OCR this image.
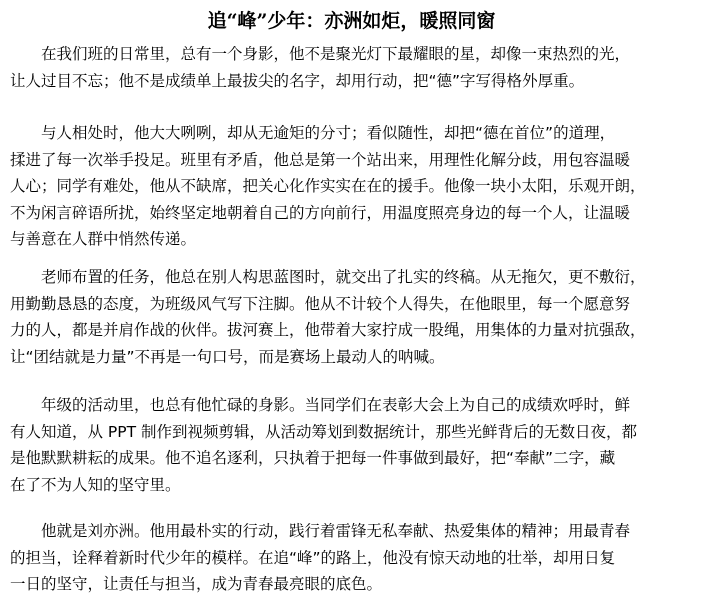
追“峰”少年：亦洲如炬，暖照同窗
在我们班的日常里，总有一个身影，他不是聚光灯下最耀眼的星，却像一束热烈的光，
让人过目不忘；他不是成绩单上最拔尖的名字，却用行动，把“德”字写得格外厚重。
与人相处时，他大大咧咧，却从无逾矩的分寸；看似随性，却把“德在首位”的道理，
揉进了每一次举手投足。班里有矛盾，他总是第一个站出来，用理性化解分歧，用包容温暖
人心；同学有难处，他从不缺席，把关心化作实实在在的援手。他像一块小太阳，乐观开朗，
不为闲言碎语所扰，始终坚定地朝着自己的方向前行，用温度照亮身边的每一个人，让温暖
与善意在人群中悄然传递。
老师布置的任务，他总在别人构思蓝图时，就交出了扎实的终稿。从无拖欠，更不敷衍，
用勤勤恳恳的态度，为班级风气写下注脚。他从不计较个人得失，在他眼里，每一个愿意努
力的人，都是并肩作战的伙伴。拔河赛上，他带着大家拧成一股绳，用集体的力量对抗强敌，
让“团结就是力量”不再是一句口号，而是赛场上最动人的呐喊。
年级的活动里，也总有他忙碌的身影。当同学们在表彰大会上为自己的成绩欢呼时，鲜
有人知道，从 PPT 制作到视频剪辑，从活动筹划到数据统计，那些光鲜背后的无数日夜，都
是他默默耕耘的成果。他不追名逐利，只执着于把每一件事做到最好，把“奉献”二字，藏
在了不为人知的坚守里。
他就是刘亦洲。他用最朴实的行动，践行着雷锋无私奉献、热爱集体的精神；用最青春
的担当，诠释着新时代少年的模样。在追“峰”的路上，他没有惊天动地的壮举，却用日复
一日的坚守，让责任与担当，成为青春最亮眼的底色。
